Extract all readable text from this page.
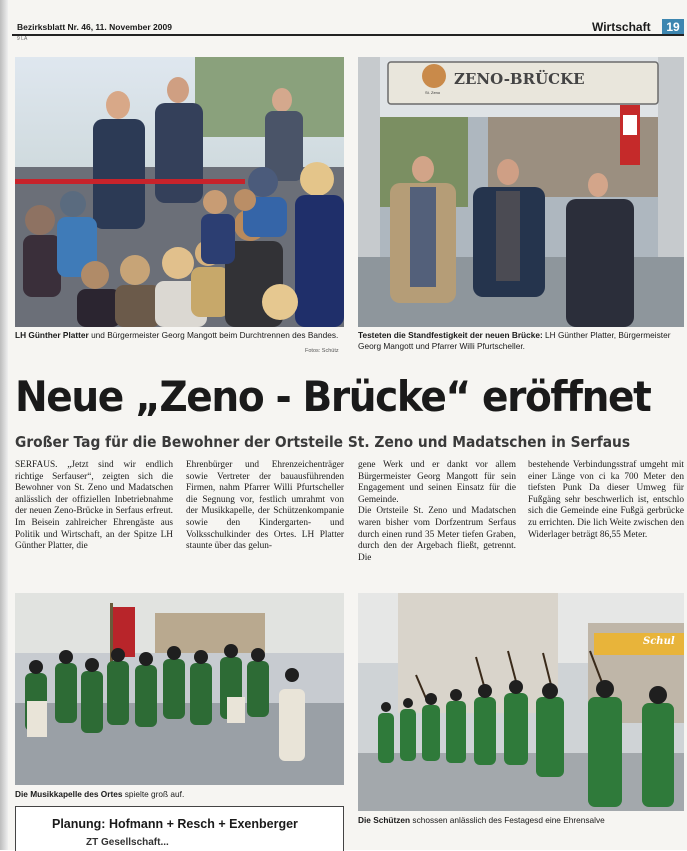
Bezirksblatt Nr. 46, 11. November 2009
9 LA
Wirtschaft	19
LH Günther Platter und Bürgermeister Georg Mangott beim Durchtrennen des Bandes.
Fotos: Schütz
ZENO-BRÜCKE
St. Zeno
Testeten die Standfestigkeit der neuen Brücke: LH Günther Platter, Bürgermeister Georg Mangott und Pfarrer Willi Pfurtscheller.
Neue „Zeno - Brücke“ eröffnet
Großer Tag für die Bewohner der Ortsteile St. Zeno und Madatschen in Serfaus
SERFAUS. „Jetzt sind wir endlich richtige Serfauser“, zeigten sich die Bewohner von St. Zeno und Madatschen anlässlich der offiziellen Inbetriebnahme der neuen Zeno-Brücke in Serfaus erfreut. Im Beisein zahlreicher Ehrengäste aus Politik und Wirtschaft, an der Spitze LH Günther Platter, die
Ehrenbürger und Ehrenzeichenträger sowie Vertreter der bauausführenden Firmen, nahm Pfarrer Willi Pfurtscheller die Segnung vor, festlich umrahmt von der Musikkapelle, der Schützenkompanie sowie den Kindergarten- und Volksschulkinder des Ortes. LH Platter staunte über das gelun-
gene Werk und er dankt vor allem Bürgermeister Georg Mangott für sein Engagement und seinen Einsatz für die Gemeinde.
Die Ortsteile St. Zeno und Madatschen waren bisher vom Dorfzentrum Serfaus durch einen rund 35 Meter tiefen Graben, durch den der Argebach fließt, getrennt. Die
bestehende Verbindungsstraf umgeht mit einer Länge von ci ka 700 Meter den tiefsten Punk Da dieser Umweg für Fußgäng sehr beschwerlich ist, entschlo sich die Gemeinde eine Fußgä gerbrücke zu errichten. Die lich Weite zwischen den Widerlager beträgt 86,55 Meter.
Die Musikkapelle des Ortes spielte groß auf.
Schul
Die Schützen schossen anlässlich des Festagesd eine Ehrensalve
Planung: Hofmann + Resch + Exenberger
ZT Gesellschaft...
